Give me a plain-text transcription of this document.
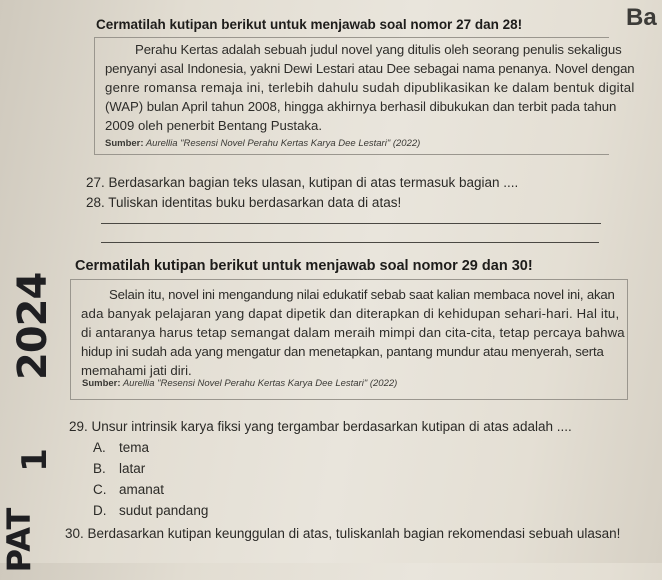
Ba
Cermatilah kutipan berikut untuk menjawab soal nomor 27 dan 28!
Perahu Kertas adalah sebuah judul novel yang ditulis oleh seorang penulis sekaligus
penyanyi asal Indonesia, yakni Dewi Lestari atau Dee sebagai nama penanya. Novel dengan
genre romansa remaja ini, terlebih dahulu sudah dipublikasikan ke dalam bentuk digital
(WAP) bulan April tahun 2008, hingga akhirnya berhasil dibukukan dan terbit pada tahun
2009 oleh penerbit Bentang Pustaka.
Sumber: Aurellia "Resensi Novel Perahu Kertas Karya Dee Lestari" (2022)
27. Berdasarkan bagian teks ulasan, kutipan di atas termasuk bagian ....
28. Tuliskan identitas buku berdasarkan data di atas!
Cermatilah kutipan berikut untuk menjawab soal nomor 29 dan 30!
Selain itu, novel ini mengandung nilai edukatif sebab saat kalian membaca novel ini, akan
ada banyak pelajaran yang dapat dipetik dan diterapkan di kehidupan sehari-hari. Hal itu,
di antaranya harus tetap semangat dalam meraih mimpi dan cita-cita, tetap percaya bahwa
hidup ini sudah ada yang mengatur dan menetapkan, pantang mundur atau menyerah, serta
memahami jati diri.
Sumber: Aurellia "Resensi Novel Perahu Kertas Karya Dee Lestari" (2022)
29. Unsur intrinsik karya fiksi yang tergambar berdasarkan kutipan di atas adalah ....
A. tema
B. latar
C. amanat
D. sudut pandang
30. Berdasarkan kutipan keunggulan di atas, tuliskanlah bagian rekomendasi sebuah ulasan!
2024
1
PAT
